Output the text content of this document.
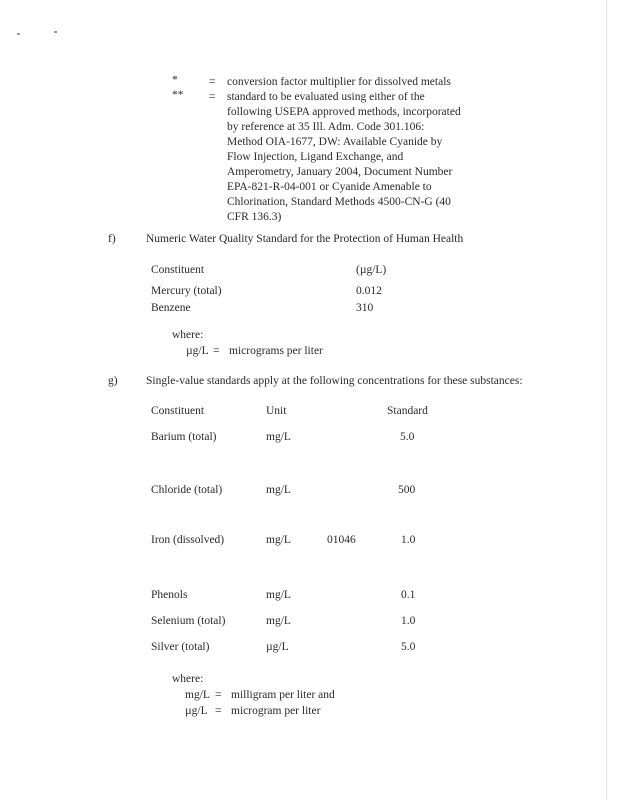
*	= conversion factor multiplier for dissolved metals
** = standard to be evaluated using either of the
following USEPA approved methods, incorporated
by reference at 35 Ill. Adm. Code 301.106:
Method OIA-1677, DW: Available Cyanide by
Flow Injection, Ligand Exchange, and
Amperometry, January 2004, Document Number
EPA-821-R-04-001 or Cyanide Amenable to
Chlorination, Standard Methods 4500-CN-G (40
CFR 136.3)
f)	Numeric Water Quality Standard for the Protection of Human Health
Constituent	(µg/L)
Mercury (total)	0.012
Benzene	310
where:
µg/L = micrograms per liter
g) Single-value standards apply at the following concentrations for these substances:
Constituent	Unit	Standard
Barium (total)	mg/L	5.0
Chloride (total)	mg/L	500
Iron (dissolved)	mg/L	01046	1.0
Phenols	mg/L	0.1
Selenium (total)	mg/L	1.0
Silver (total)	µg/L	5.0
where:
mg/L = milligram per liter and
µg/L = microgram per liter
